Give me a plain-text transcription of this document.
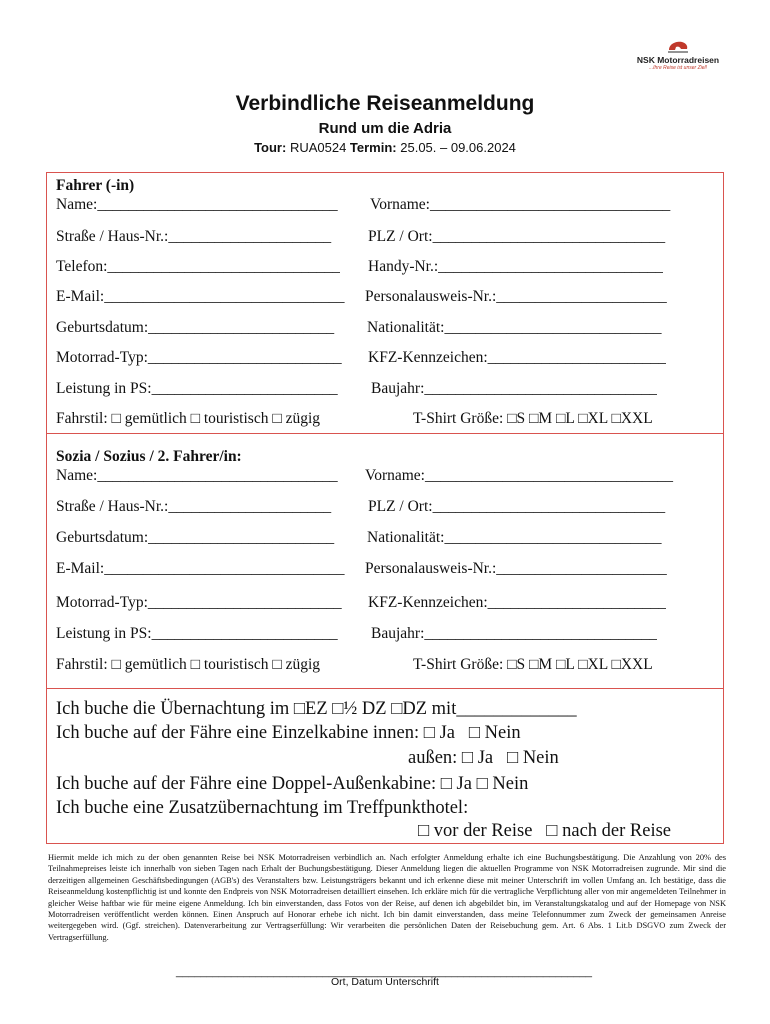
NSK Motorradreisen
...Ihre Reise ist unser Ziel!
Verbindliche Reiseanmeldung
Rund um die Adria
Tour: RUA0524 Termin: 25.05. – 09.06.2024
Fahrer (-in)
Name:_______________________________ Vorname:_______________________________
Straße / Haus-Nr.:_____________________ PLZ / Ort:______________________________
Telefon:______________________________ Handy-Nr.:_____________________________
E-Mail:_______________________________ Personalausweis-Nr.:______________________
Geburtsdatum:________________________ Nationalität:____________________________
Motorrad-Typ:_________________________ KFZ-Kennzeichen:_______________________
Leistung in PS:________________________ Baujahr:______________________________
Fahrstil: □ gemütlich □ touristisch □ zügig	T-Shirt Größe: □S □M □L □XL □XXL
Sozia / Sozius / 2. Fahrer/in:
Name:_______________________________ Vorname:________________________________
Straße / Haus-Nr.:_____________________ PLZ / Ort:______________________________
Geburtsdatum:________________________ Nationalität:____________________________
E-Mail:_______________________________ Personalausweis-Nr.:______________________
Motorrad-Typ:_________________________ KFZ-Kennzeichen:_______________________
Leistung in PS:________________________ Baujahr:______________________________
Fahrstil: □ gemütlich □ touristisch □ zügig	T-Shirt Größe: □S □M □L □XL □XXL
Ich buche die Übernachtung im □EZ □½ DZ □DZ mit_____________
Ich buche auf der Fähre eine Einzelkabine innen: □ Ja   □ Nein
außen: □ Ja   □ Nein
Ich buche auf der Fähre eine Doppel-Außenkabine: □ Ja □ Nein
Ich buche eine Zusatzübernachtung im Treffpunkthotel:
□ vor der Reise   □ nach der Reise
Hiermit melde ich mich zu der oben genannten Reise bei NSK Motorradreisen verbindlich an. Nach erfolgter Anmeldung erhalte ich eine Buchungsbestätigung. Die Anzahlung von 20% des Teilnahmepreises leiste ich innerhalb von sieben Tagen nach Erhalt der Buchungsbestätigung. Dieser Anmeldung liegen die aktuellen Programme von NSK Motorradreisen zugrunde. Mir sind die derzeitigen allgemeinen Geschäftsbedingungen (AGB's) des Veranstalters bzw. Leistungsträgers bekannt und ich erkenne diese mit meiner Unterschrift im vollen Umfang an. Ich bestätige, dass die Reiseanmeldung kostenpflichtig ist und konnte den Endpreis von NSK Motorradreisen detailliert einsehen. Ich erkläre mich für die vertragliche Verpflichtung aller von mir angemeldeten Teilnehmer in gleicher Weise haftbar wie für meine eigene Anmeldung. Ich bin einverstanden, dass Fotos von der Reise, auf denen ich abgebildet bin, im Veranstaltungskatalog und auf der Homepage von NSK Motorradreisen veröffentlicht werden können. Einen Anspruch auf Honorar erhebe ich nicht. Ich bin damit einverstanden, dass meine Telefonnummer zum Zweck der gemeinsamen Anreise weitergegeben wird. (Ggf. streichen). Datenverarbeitung zur Vertragserfüllung: Wir verarbeiten die persönlichen Daten der Reisebuchung gem. Art. 6 Abs. 1 Lit.b DSGVO zum Zweck der Vertragserfüllung.
____________________________________________________________________
Ort, Datum Unterschrift
